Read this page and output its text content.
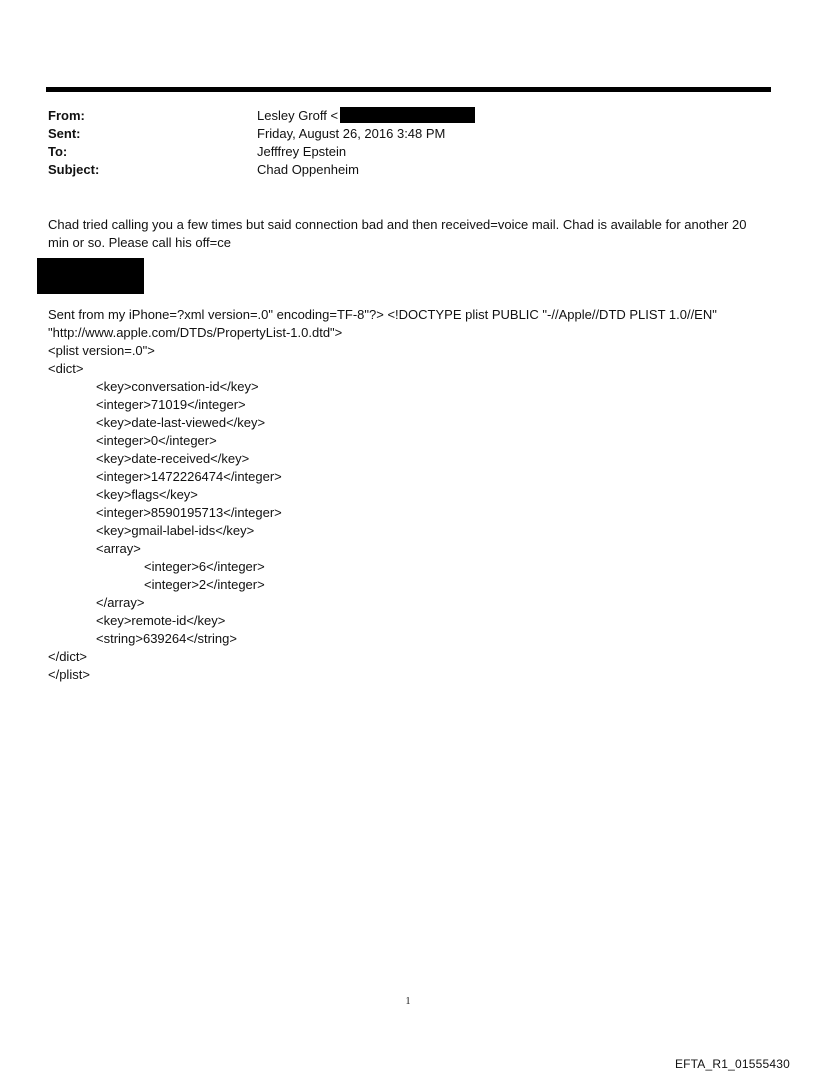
From:	Lesley Groff <
Sent:	Friday, August 26, 2016 3:48 PM
To:	Jefffrey Epstein
Subject:	Chad Oppenheim
Chad tried calling you a few times but said connection bad and then received=voice mail. Chad is available for another 20 min or so. Please call his off=ce
Sent from my iPhone=?xml version=.0" encoding=TF-8"?> <!DOCTYPE plist PUBLIC "-//Apple//DTD PLIST 1.0//EN"
"http://www.apple.com/DTDs/PropertyList-1.0.dtd">
<plist version=.0">
<dict>
<key>conversation-id</key>
<integer>71019</integer>
<key>date-last-viewed</key>
<integer>0</integer>
<key>date-received</key>
<integer>1472226474</integer>
<key>flags</key>
<integer>8590195713</integer>
<key>gmail-label-ids</key>
<array>
<integer>6</integer>
<integer>2</integer>
</array>
<key>remote-id</key>
<string>639264</string>
</dict>
</plist>
1
EFTA_R1_01555430
